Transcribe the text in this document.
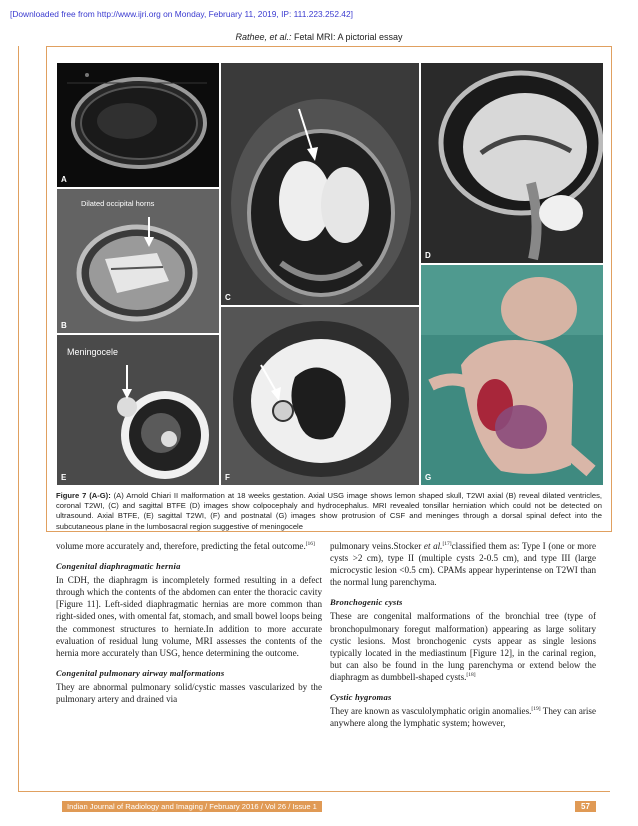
[Downloaded free from http://www.ijri.org on Monday, February 11, 2019, IP: 111.223.252.42]
Rathee, et al.: Fetal MRI: A pictorial essay
A
Dilated occipital horns
B
Meningocele
E
C
F
D
G
Figure 7 (A-G): (A) Arnold Chiari II malformation at 18 weeks gestation. Axial USG image shows lemon shaped skull, T2WI axial (B) reveal dilated ventricles, coronal T2WI, (C) and sagittal BTFE (D) images show colpocephaly and hydrocephalus. MRI revealed tonsillar herniation which could not be detected on ultrasound. Axial BTFE, (E) sagittal T2WI, (F) and postnatal (G) images show protrusion of CSF and meninges through a dorsal spinal defect into the subcutaneous plane in the lumbosacral region suggestive of meningocele

volume more accurately and, therefore, predicting the fetal outcome.[16]

Congenital diaphragmatic hernia

In CDH, the diaphragm is incompletely formed resulting in a defect through which the contents of the abdomen can enter the thoracic cavity [Figure 11]. Left-sided diaphragmatic hernias are more common than right-sided ones, with omental fat, stomach, and small bowel loops being the commonest structures to herniate.In addition to more accurate evaluation of residual lung volume, MRI assesses the contents of the hernia more accurately than USG, hence determining the outcome.

Congenital pulmonary airway malformations

They are abnormal pulmonary solid/cystic masses vascularized by the pulmonary artery and drained via

pulmonary veins.Stocker et al.[17]classified them as: Type I (one or more cysts >2 cm), type II (multiple cysts 2-0.5 cm), and type III (large microcystic lesion <0.5 cm). CPAMs appear hyperintense on T2WI than the normal lung parenchyma.

Bronchogenic cysts

These are congenital malformations of the bronchial tree (type of bronchopulmonary foregut malformation) appearing as large solitary cystic lesions. Most bronchogenic cysts appear as single lesions typically located in the mediastinum [Figure 12], in the carinal region, but can also be found in the lung parenchyma or extend below the diaphragm as dumbbell-shaped cysts.[18]

Cystic hygromas

They are known as vasculolymphatic origin anomalies.[19] They can arise anywhere along the lymphatic system; however,

Indian Journal of Radiology and Imaging / February 2016 / Vol 26 / Issue 1	57
